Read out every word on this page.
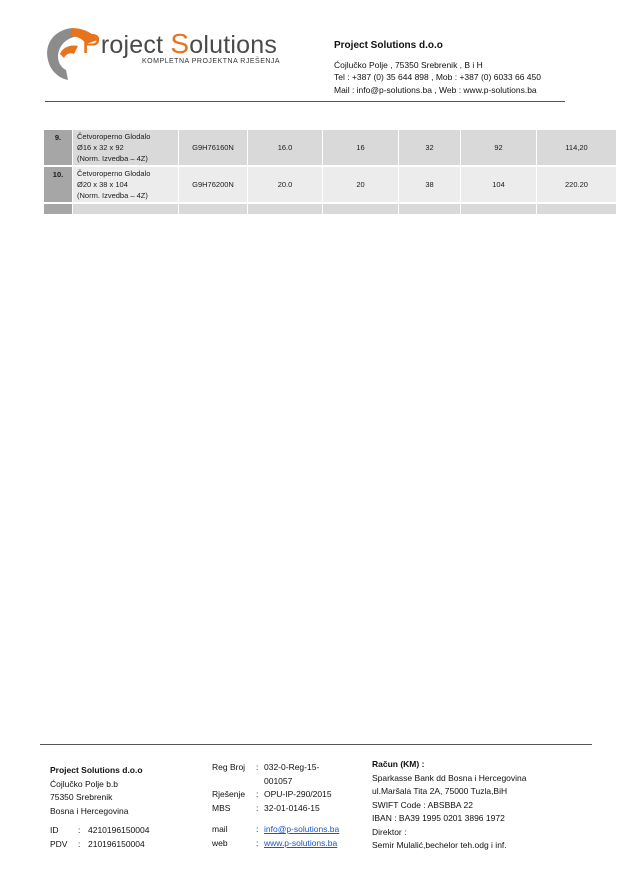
Project Solutions
KOMPLETNA PROJEKTNA RJEŠENJA
Project Solutions d.o.o
Ćojlučko Polje , 75350 Srebrenik , B i H
Tel : +387 (0) 35 644 898 , Mob : +387 (0) 6033 66 450
Mail : info@p-solutions.ba , Web : www.p-solutions.ba
9.	Četvoroperno Glodalo
Ø16 x 32 x 92
(Norm. Izvedba – 4Z)	G9H76160N	16.0	16	32	92	114,20
10.	Četvoroperno Glodalo
Ø20 x 38 x 104
(Norm. Izvedba – 4Z)	G9H76200N	20.0	20	38	104	220.20

Project Solutions d.o.o
Ćojlučko Polje b.b
75350 Srebrenik
Bosna i Hercegovina
ID	: 4210196150004
PDV	: 210196150004
Reg Broj	: 032-0-Reg-15-001057
Rješenje	: OPU-IP-290/2015
MBS	: 32-01-0146-15
mail	: info@p-solutions.ba
web	: www.p-solutions.ba
Račun (KM) :
Sparkasse Bank dd Bosna i Hercegovina
ul.Maršala Tita 2A, 75000 Tuzla,BiH
SWIFT Code : ABSBBA 22
IBAN : BA39 1995 0201 3896 1972
Direktor :
Semir Mulalić,bechelor teh.odg i inf.
